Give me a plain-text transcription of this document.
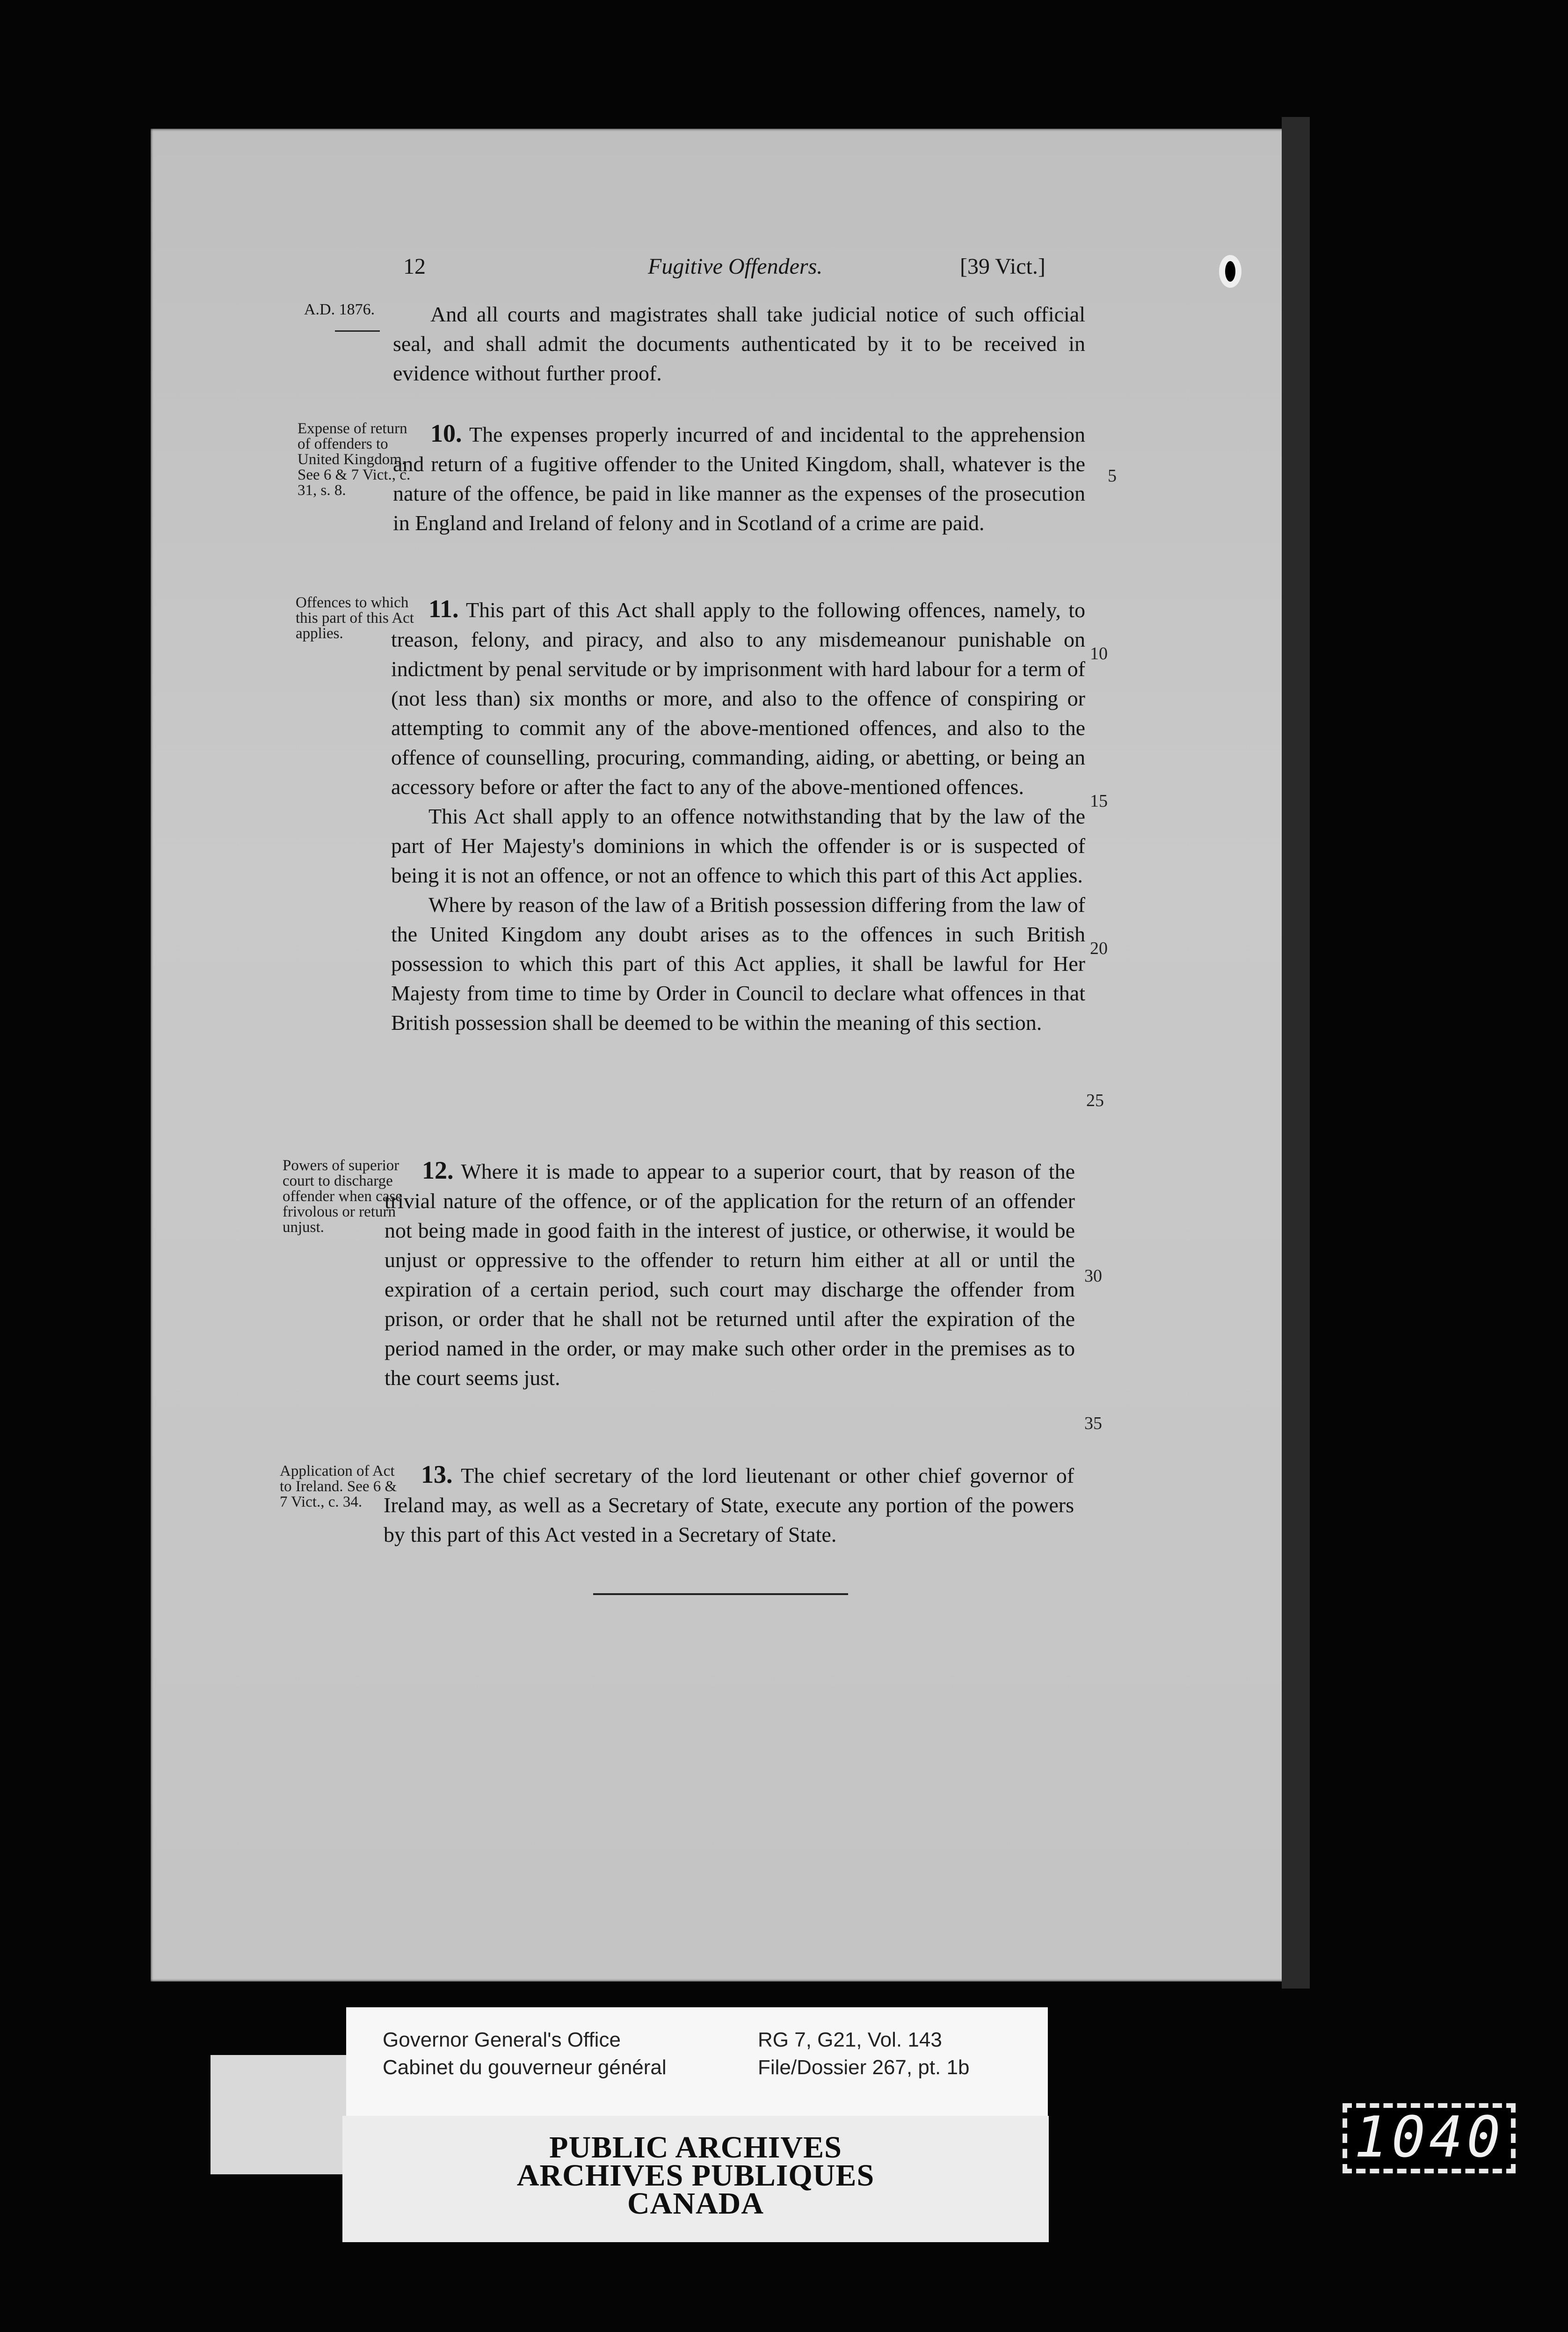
12	Fugitive Offenders.	[39 Vict.]
A.D. 1876.	And all courts and magistrates shall take judicial notice of such official seal, and shall admit the documents authenticated by it to be received in evidence without further proof.

Expense of return of offenders to United Kingdom. See 6 & 7 Vict., c. 31, s. 8.

10. The expenses properly incurred of and incidental to the apprehension and return of a fugitive offender to the United Kingdom, shall, whatever is the nature of the offence, be paid in like manner as the expenses of the prosecution in England and Ireland of felony and in Scotland of a crime are paid.

Offences to which this part of this Act applies.

11. This part of this Act shall apply to the following offences, namely, to treason, felony, and piracy, and also to any misdemeanour punishable on indictment by penal servitude or by imprisonment with hard labour for a term of (not less than) six months or more, and also to the offence of conspiring or attempting to commit any of the above-mentioned offences, and also to the offence of counselling, procuring, commanding, aiding, or abetting, or being an accessory before or after the fact to any of the above-mentioned offences.

This Act shall apply to an offence notwithstanding that by the law of the part of Her Majesty's dominions in which the offender is or is suspected of being it is not an offence, or not an offence to which this part of this Act applies.

Where by reason of the law of a British possession differing from the law of the United Kingdom any doubt arises as to the offences in such British possession to which this part of this Act applies, it shall be lawful for Her Majesty from time to time by Order in Council to declare what offences in that British possession shall be deemed to be within the meaning of this section.

Powers of superior court to discharge offender when case frivolous or return unjust.

12. Where it is made to appear to a superior court, that by reason of the trivial nature of the offence, or of the application for the return of an offender not being made in good faith in the interest of justice, or otherwise, it would be unjust or oppressive to the offender to return him either at all or until the expiration of a certain period, such court may discharge the offender from prison, or order that he shall not be returned until after the expiration of the period named in the order, or may make such other order in the premises as to the court seems just.

Application of Act to Ireland. See 6 & 7 Vict., c. 34.

13. The chief secretary of the lord lieutenant or other chief governor of Ireland may, as well as a Secretary of State, execute any portion of the powers by this part of this Act vested in a Secretary of State.

5
10
15
20
25
30
35
Governor General's Office
Cabinet du gouverneur général
RG 7, G21, Vol. 143
File/Dossier 267, pt. 1b
PUBLIC ARCHIVES
ARCHIVES PUBLIQUES
CANADA
1040
